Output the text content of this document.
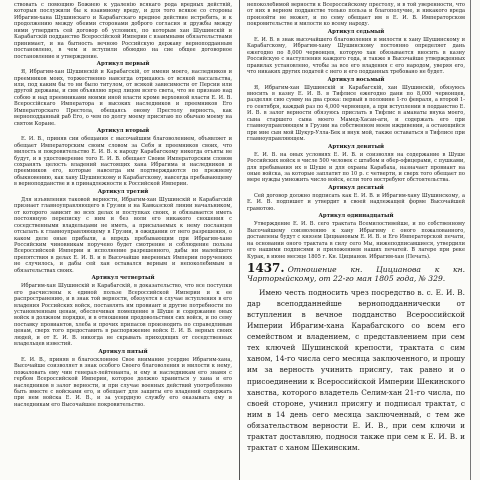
ствовать с помощию Божиею к удаленiю всякаго рода вредных действiй, которыя послужили бы к взаимному вреду, и для того всякое со стороны Ибрагим-хана Шушинскаго и Карабагскаго вредное действие истребить, и к продолжению между обеими сторонами доброго согласия и дружбы между ними утвердить сей договор об условиях, по которым хан Шушинскiй и Карабагскiй подданство Всероссiйской Империи с взаимными обязательствами принимает, и на бытность вечною Российскую державу верноподданным постановлено, в чем и вступили обоюдно на сие общее договорное постановление и утверждение.

Артикул первый

Я, Ибрагим-хан Шушинскiй и Карабагскiй, от имени моего, наследников и преемников моих, торжественно навсегда отрицаюсь от всякой вассальства, или, под каким бы то ни было титулом, от всякой зависимости от Персии или другой державы, и сим объявляю пред лицом всего света, что не признаю над собою и над преемниками моими иной власти кроме верховной власти Е. И. В. Всероссiйскаго Императора и высоких наследников и преемников Его Императорскаго Престола, обещаясь оному Престолу верность, как верноподданный раб Его, о чем по долгу моему присягаю по обычаю моему на святом Коране.

Артикул вторый

Е. И. В., приняв сии обещания с высочайшим благоволением, объявляет и обещает Императорским своим словом за Себя и преемников своих, что милость и покровительство Е. И. В. к народу Карабагскому никогда отъяты не будут, и в удостоверение того Е. И. В. обещает Своим Императорским словом сохранять целость владений настоящих хана Ибрагима и наследников и преемников его, которые навсегда им подтверждаются по прежнему обыкновению, как хану Шушинскому и Карабагскому, навсегда пребывающему в верноподданстве и в принадлежности к Российской Империи.

Артикул третий

Для изъявления таковой верности, Ибрагим-хан Шушинскiй и Карабагскiй признает главноуправляющего в Грузии и на Кавказской линии начальником, от которого зависит во всех делах и поступках своих, и обязывается иметь постоянную переписку с ним и без воли его никакого сношения с соседственными владельцами не иметь, а присылаемых к нему посланцев отсылать к главноуправляющему в Грузии, в ожидании от него разрешения, о каком деле оные прибыли, а впредь пребывающим при Ибрагим-хане Российским чиновникам поручено будет смотрение и соблюдение пользы Всероссийской Империи и исполнение разрешенного, дабы ни малейшего препятствия в делах Е. И. В. и в Высочайше вверенных Империи поручениях не случилось, и дабы сей хан оставался верным и непоколебимым в обязательствах своих.

Артикул четвертый

Ибрагим-хан Шушинскiй и Карабагскiй, в доказательство, что все поступки его расчислены к единой пользе Всероссийской Империи и к ее распространению, и в знак той верности, обязуется в случае вступления в его владения Российских войск, поставлять им провиант и другие потребности по установленным ценам, обеспечивая помещение в Шуше и содержание оных войск в должном порядке, и в отношении продовольствия сих войск, и по сему поставку провиантов, хлеба и прочих припасов производить по справедливым ценам, сверх того предоставить в распоряжение войск Е. И. В. верных своих людей, и от Е. И. В. никогда не скрывать приходящих от соседственных владельцев известий.

Артикул пятый

Е. И. В., приняв в благосклонное Свое внимание усердие Ибрагим-хана, Высочайше соизволяет в знак особого Своего благоволения и милости к нему, пожаловать ему чин генерал-лейтенанта, и ему и наследникам его знамя с гербом Всероссийской Империи, которое должно храниться у хана и его наследников в залог верности, и при случае военных действий употребляемо быть вместе с войсками его, и обещает для защиты его владений содержать при нем войска Е. И. В., и за усердную службу его оказывать ему и наследникам его Высочайшее покровительство.

непоколебимой верности к Всероссийскому престолу, и в той уверенности, что от них в верном подданстве только польза и благополучие, и никакого вреда произойти не может, и по сему обещает им в Е. И. В. Императорском покровительстве и милости ко всему народу.

Артикул седьмый

Е. И. В. в знак высочайшего благоволения и милости к хану Шушинскому и Карабагскому, Ибрагим-хану Шушинскому постоянно определяет дань ежегодно по 8,000 червонцев, которую хан обязывается вносить в казну Российскую с наступления каждого года, и также в Высочайше утвержденных правилах установлено, чтобы за все его владения с его народом, уверяя его, что никаких других податей с него и его подданных требовано не будет.

Артикул восьмый

Я, Ибрагим-хан Шушинскiй и Карабагскiй, хан Шушинскiй, обязуюсь вносить в казну Е. И. В. в Тифлисе ежегодно дани по 8,000 червонцев, разделяя сию сумму на два срока: первый в половине 1-го февраля, а второй 1-го сентября, каждый раз по 4,000 червонцев, а при вступлении в подданство Е. И. В. в залог верности обязуюсь прислать в Тифлис в аманаты внука моего, сына старшего сына моего Мамед-Хасан-аги, и содержать его при главноуправляющем в Грузии на собственном моем иждивении, а остающийся при мне сын мой Шукур-Улла-Бек и внук мой, также оставаться в Тифлисе при главноуправляющем.

Артикул девятый

Е. И. В. на оных условиях Е. И. В. и соизволяя на содержание в Шуше Российских войск в числе 500 человек с штабом и обер-офицерами, с пушками, для пребывания их в Шуше и для охраны Карабаха, назначает провиант на оные войска, за которые заплатит по 10 р. с четверти, и сверх того обещает по мере нужды умножить число войск, если того востребуют обстоятельства.

Артикул десятый

Сей договор должно подписать как Е. И. В. и Ибрагим-хану Шушинскому, а Е. И. В. подпишет и утвердит в своей надлежащей форме Высочайшей грамотою.

Артикул одиннадцатый

Утверждение Е. И. В. сего трактата Всемилостивейше, и по собственному Высочайшему соизволению к хану Ибрагиму с оного пожалованного, доставлены будут с князем Цициановым Е. И. В. и Его Императорской печати, на основании оного трактата в силу сего Мы, нижеподписавшиеся, утвердили его нашими подписями и приложением наших печатей. В лагере при реке Курак, в июне месяце 1805 г. Кн. Цицианов. Ибрагим-хан (Печать).

1437. Отношение кн. Цицианова к кн. Чарторыйскому, от 22-го мая 1805 года, № 329.

Имею честь подносить чрез посредство в. с. Е. И. В. дар всеподданнейше верноподданнически от вступления в вечное подданство Всероссийской Империи Ибрагим-хана Карабагского со всем его семейством и владением, с представлением при сем тех ключей Шушинской крепости, трактата с сим ханом, 14-го числа сего месяца заключенного, и прошу им за верность учинить присягу, так равно и о присоединении к Всероссийской Империи Шекинского ханства, которого владетель Селим-хан 21-го числа, по своей стороне, учинил присягу и подписал трактат, с ним в 14 день сего месяца заключенный, с тем же обязательством верности Е. И. В., при сем ключи и трактат доставляю, поднося также при сем к Е. И. В. и трактат с ханом Шекинским.
